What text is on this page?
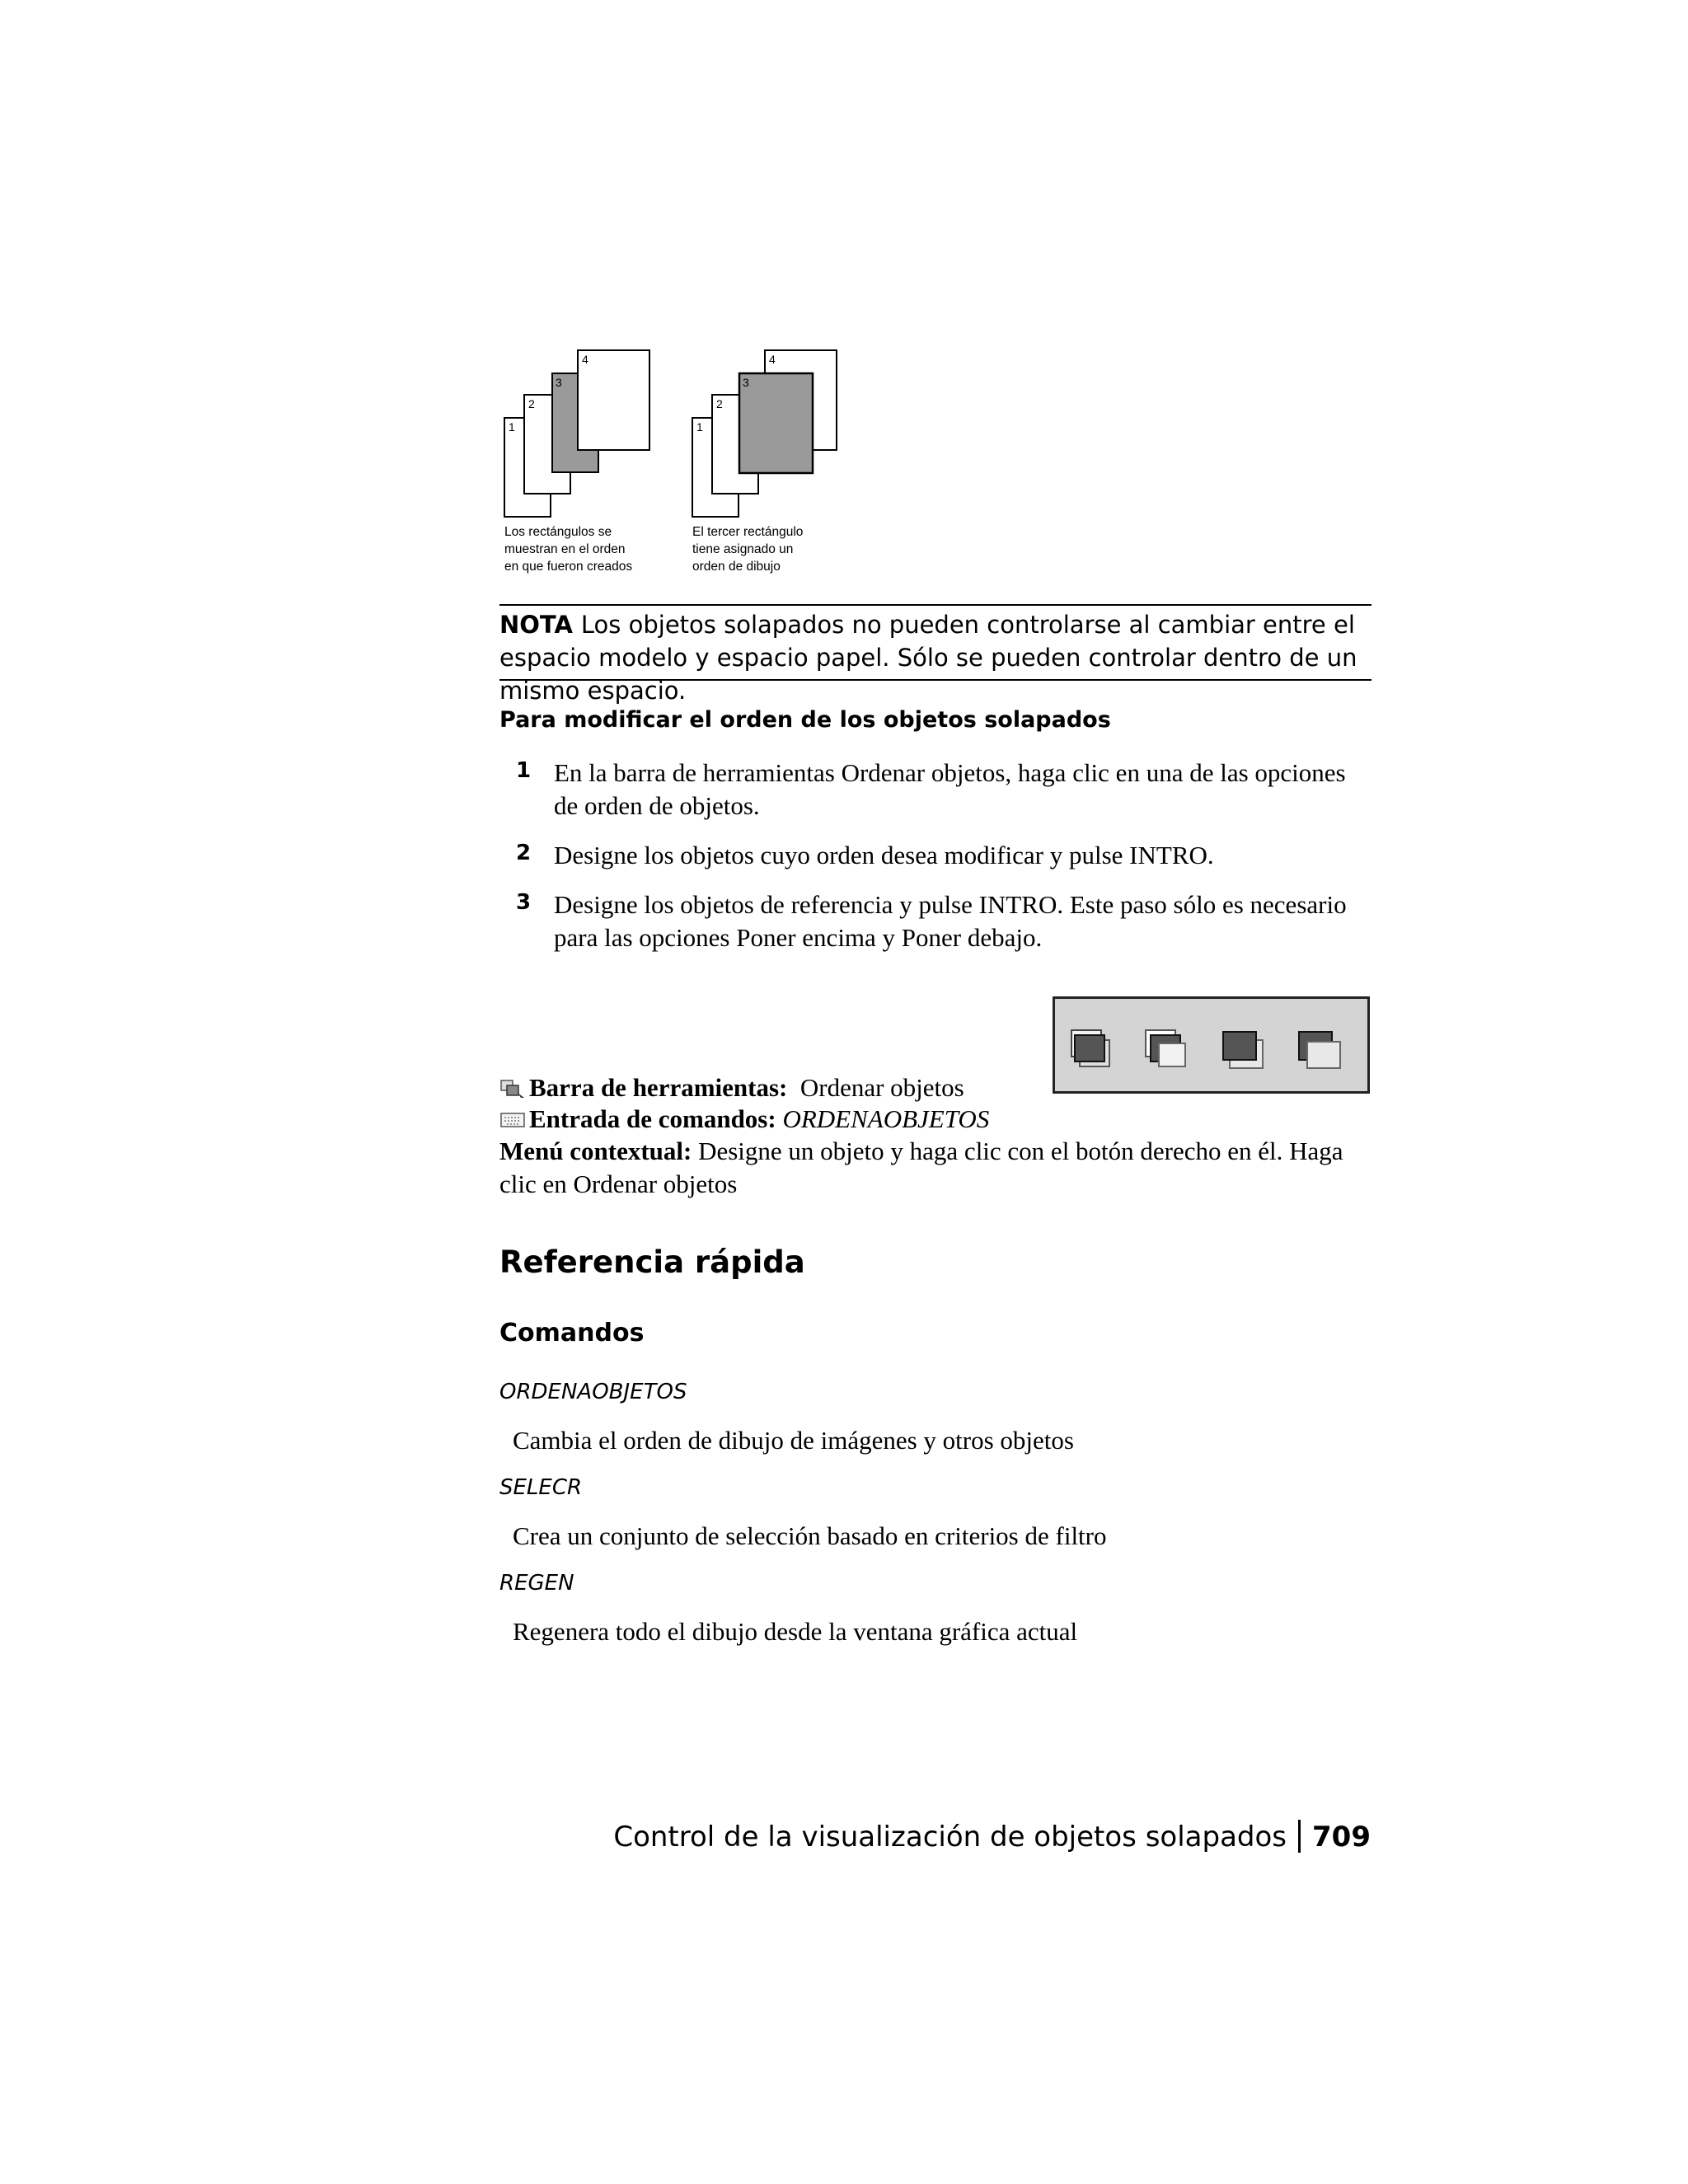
1
2
3
4
1
2
3
4
Los rectángulos se
muestran en el orden
en que fueron creados
El tercer rectángulo
tiene asignado un
orden de dibujo
NOTA Los objetos solapados no pueden controlarse al cambiar entre el espacio modelo y espacio papel. Sólo se pueden controlar dentro de un mismo espacio.
Para modificar el orden de los objetos solapados
1 En la barra de herramientas Ordenar objetos, haga clic en una de las opciones de orden de objetos.
2 Designe los objetos cuyo orden desea modificar y pulse INTRO.
3 Designe los objetos de referencia y pulse INTRO. Este paso sólo es necesario para las opciones Poner encima y Poner debajo.
Barra de herramientas: Ordenar objetos
Entrada de comandos: ORDENAOBJETOS
Menú contextual: Designe un objeto y haga clic con el botón derecho en él. Haga clic en Ordenar objetos
Referencia rápida
Comandos
ORDENAOBJETOS
Cambia el orden de dibujo de imágenes y otros objetos
SELECR
Crea un conjunto de selección basado en criterios de filtro
REGEN
Regenera todo el dibujo desde la ventana gráfica actual
Control de la visualización de objetos solapados 709
